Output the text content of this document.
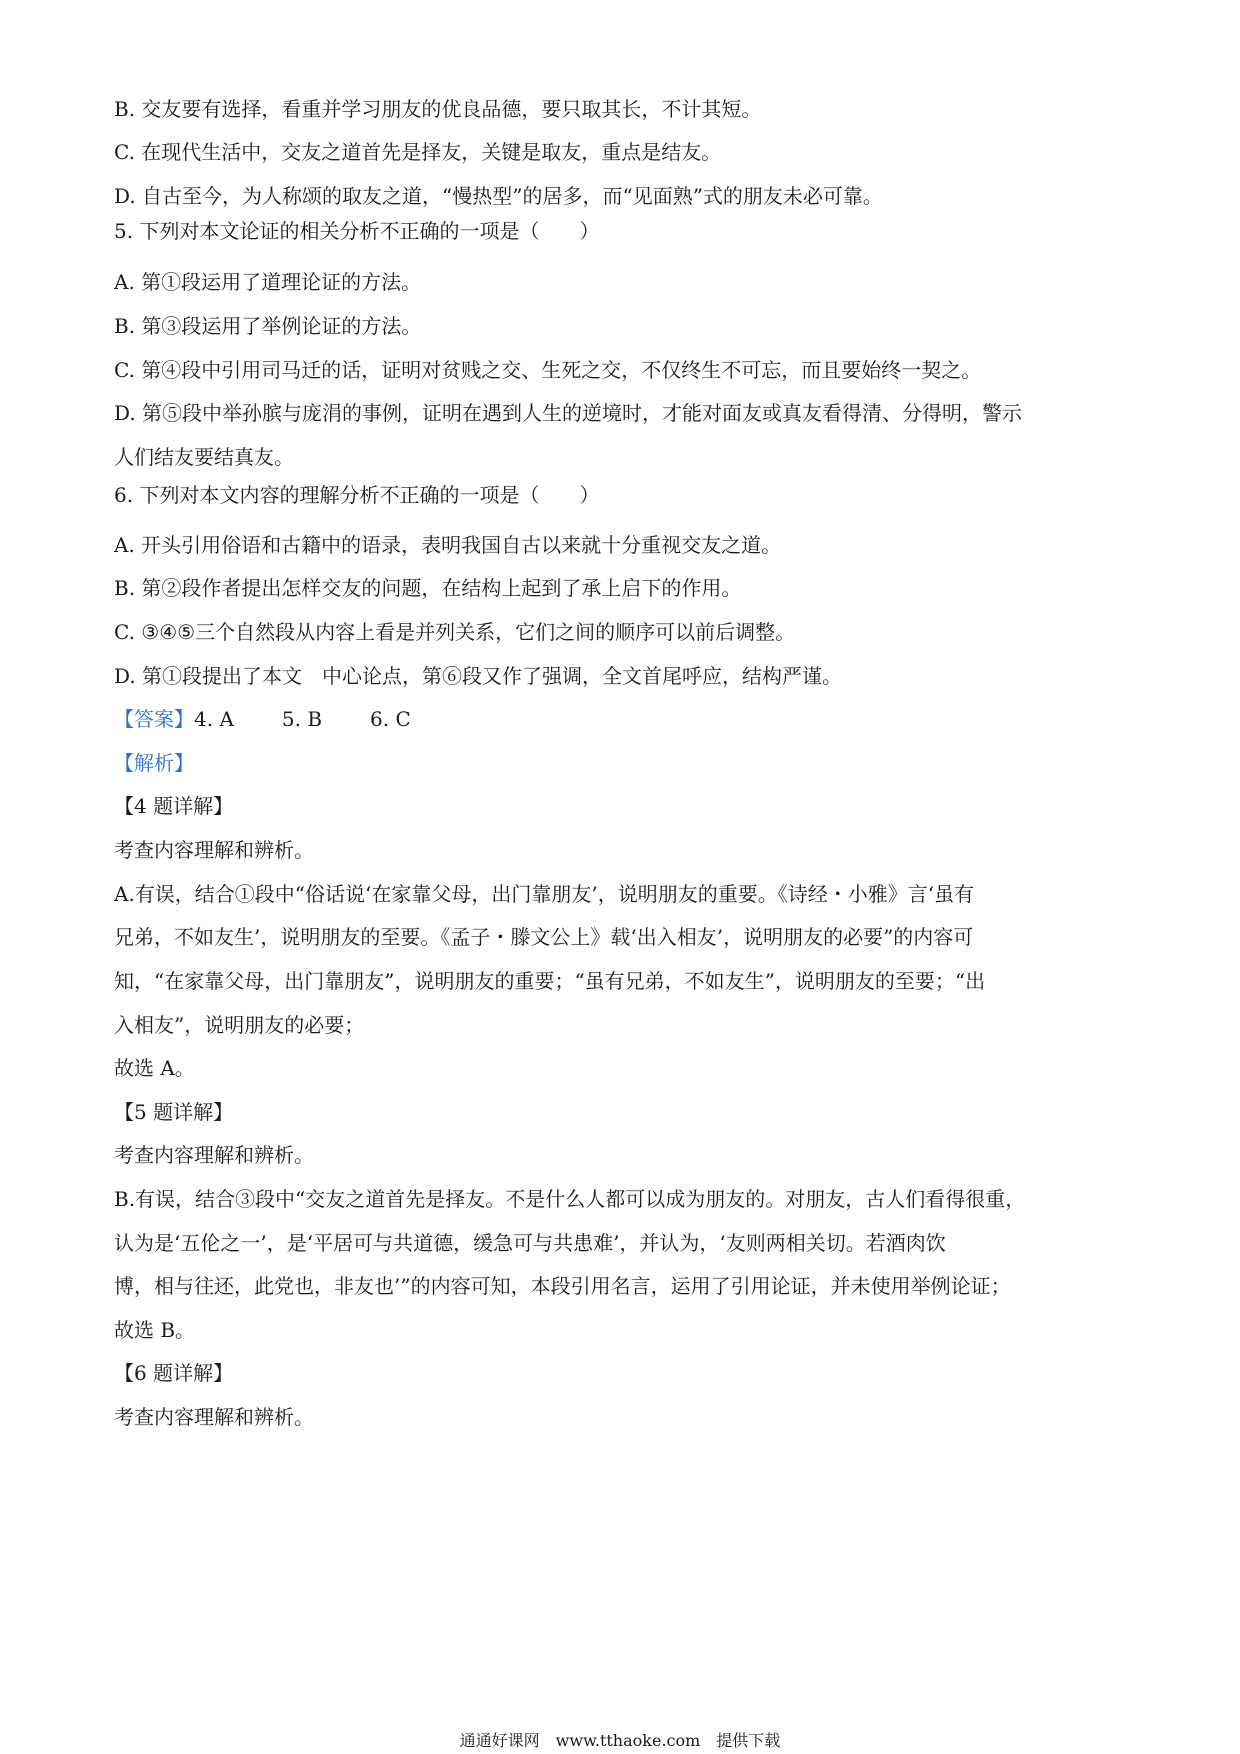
B. 交友要有选择，看重并学习朋友的优良品德，要只取其长，不计其短。
C. 在现代生活中，交友之道首先是择友，关键是取友，重点是结友。
D. 自古至今，为人称颂的取友之道，“慢热型”的居多，而“见面熟”式的朋友未必可靠。
5. 下列对本文论证的相关分析不正确的一项是（　　）
A. 第①段运用了道理论证的方法。
B. 第③段运用了举例论证的方法。
C. 第④段中引用司马迁的话，证明对贫贱之交、生死之交，不仅终生不可忘，而且要始终一契之。
D. 第⑤段中举孙膑与庞涓的事例，证明在遇到人生的逆境时，才能对面友或真友看得清、分得明，警示
人们结友要结真友。
6. 下列对本文内容的理解分析不正确的一项是（　　）
A. 开头引用俗语和古籍中的语录，表明我国自古以来就十分重视交友之道。
B. 第②段作者提出怎样交友的问题，在结构上起到了承上启下的作用。
C. ③④⑤三个自然段从内容上看是并列关系，它们之间的顺序可以前后调整。
D. 第①段提出了本文　中心论点，第⑥段又作了强调，全文首尾呼应，结构严谨。
【答案】4. A 5. B 6. C
【解析】
【4 题详解】
考查内容理解和辨析。
A.有误，结合①段中“俗话说‘在家靠父母，出门靠朋友’，说明朋友的重要。《诗经・小雅》言‘虽有
兄弟，不如友生’，说明朋友的至要。《孟子・滕文公上》载‘出入相友’，说明朋友的必要”的内容可
知，“在家靠父母，出门靠朋友”，说明朋友的重要；“虽有兄弟，不如友生”，说明朋友的至要；“出
入相友”，说明朋友的必要；
故选 A。
【5 题详解】
考查内容理解和辨析。
B.有误，结合③段中“交友之道首先是择友。不是什么人都可以成为朋友的。对朋友，古人们看得很重，
认为是‘五伦之一’，是‘平居可与共道德，缓急可与共患难’，并认为，‘友则两相关切。若酒肉饮
博，相与往还，此党也，非友也’”的内容可知，本段引用名言，运用了引用论证，并未使用举例论证；
故选 B。
【6 题详解】
考查内容理解和辨析。
通通好课网　www.tthaoke.com　提供下载
